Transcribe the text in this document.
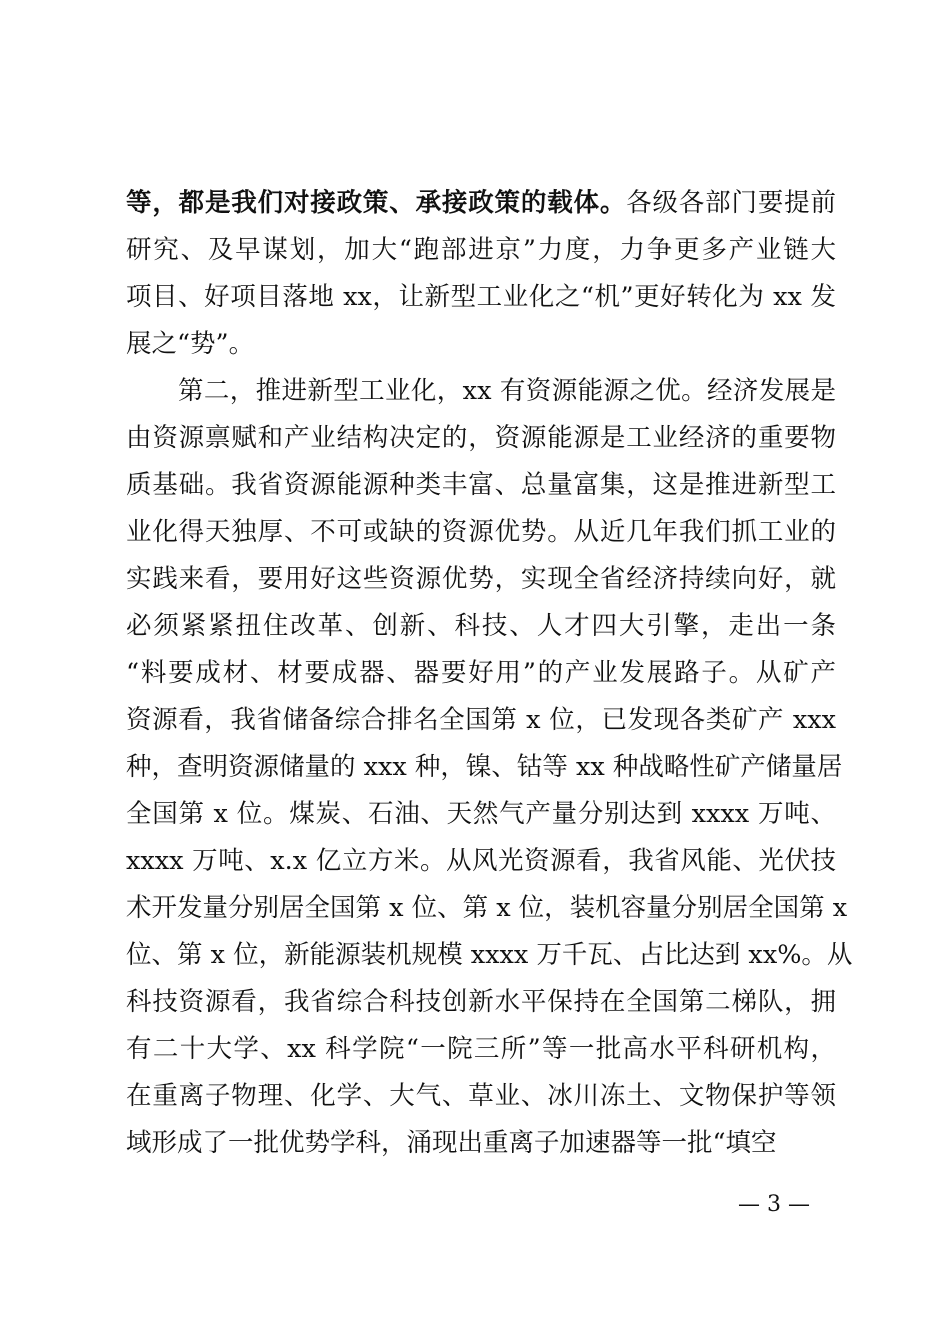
等，都是我们对接政策、承接政策的载体。各级各部门要提前
研究、及早谋划，加大“跑部进京”力度，力争更多产业链大
项目、好项目落地 xx，让新型工业化之“机”更好转化为 xx 发
展之“势”。
第二，推进新型工业化，xx 有资源能源之优。经济发展是
由资源禀赋和产业结构决定的，资源能源是工业经济的重要物
质基础。我省资源能源种类丰富、总量富集，这是推进新型工
业化得天独厚、不可或缺的资源优势。从近几年我们抓工业的
实践来看，要用好这些资源优势，实现全省经济持续向好，就
必须紧紧扭住改革、创新、科技、人才四大引擎，走出一条
“料要成材、材要成器、器要好用”的产业发展路子。从矿产
资源看，我省储备综合排名全国第 x 位，已发现各类矿产 xxx
种，查明资源储量的 xxx 种，镍、钴等 xx 种战略性矿产储量居
全国第 x 位。煤炭、石油、天然气产量分别达到 xxxx 万吨、
xxxx 万吨、x.x 亿立方米。从风光资源看，我省风能、光伏技
术开发量分别居全国第 x 位、第 x 位，装机容量分别居全国第 x
位、第 x 位，新能源装机规模 xxxx 万千瓦、占比达到 xx%。从
科技资源看，我省综合科技创新水平保持在全国第二梯队，拥
有二十大学、xx 科学院“一院三所”等一批高水平科研机构，
在重离子物理、化学、大气、草业、冰川冻土、文物保护等领
域形成了一批优势学科，涌现出重离子加速器等一批“填空
— 3 —
